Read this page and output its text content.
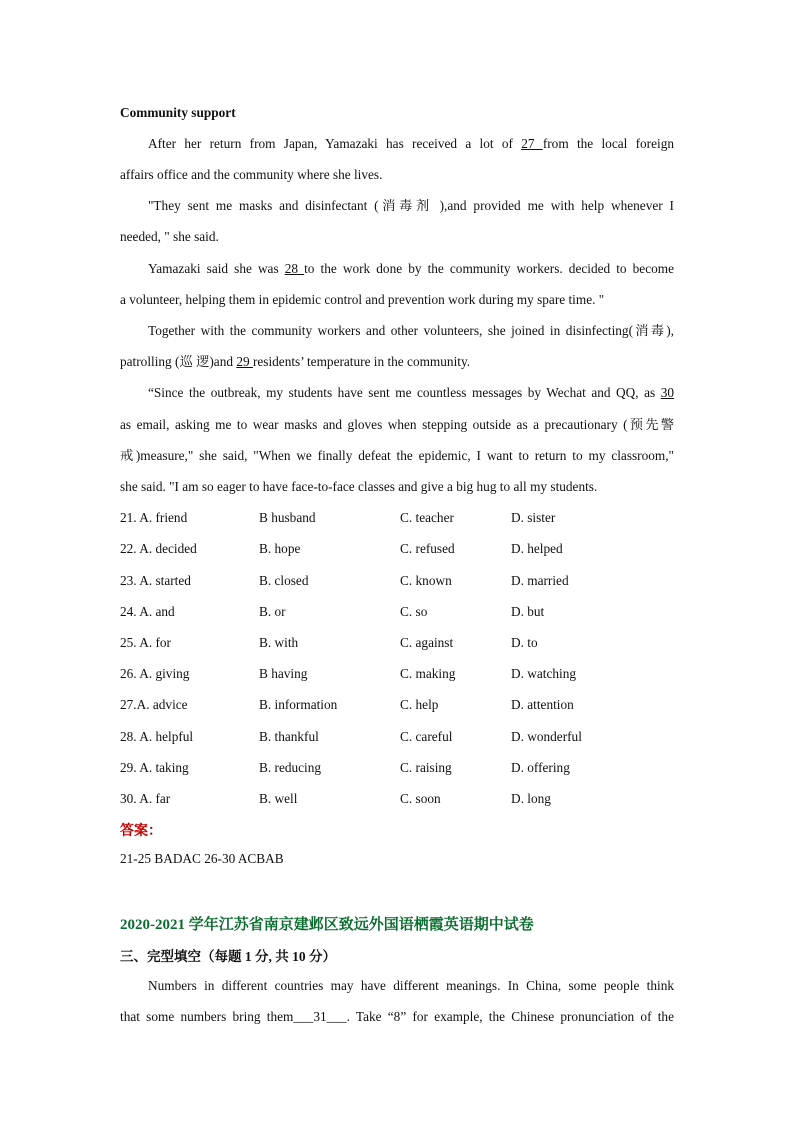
Community support
After her return from Japan, Yamazaki has received a lot of 27 from the local foreign
affairs office and the community where she lives.
"They sent me masks and disinfectant (消毒剂 ),and provided me with help whenever I
needed, " she said.
Yamazaki said she was 28 to the work done by the community workers. decided to become
a volunteer, helping them in epidemic control and prevention work during my spare time. "
Together with the community workers and other volunteers, she joined in disinfecting(消毒),
patrolling (巡 逻)and 29 residents’ temperature in the community.
“Since the outbreak, my students have sent me countless messages by Wechat and QQ, as 30
as email, asking me to wear masks and gloves when stepping outside as a precautionary (预先警
戒)measure," she said, "When we finally defeat the epidemic, I want to return to my classroom,"
she said. "I am so eager to have face-to-face classes and give a big hug to all my students.
21. A. friend	B husband	C. teacher	D. sister
22. A. decided	B. hope	C. refused	D. helped
23. A. started	B. closed	C. known	D. married
24. A. and	B. or	C. so	D. but
25. A. for	B. with	C. against	D. to
26. A. giving	B having	C. making	D. watching
27.A. advice	B. information	C. help	D. attention
28. A. helpful	B. thankful	C. careful	D. wonderful
29. A. taking	B. reducing	C. raising	D. offering
30. A. far	B. well	C. soon	D. long
答案：
21-25 BADAC 26-30 ACBAB
2020-2021 学年江苏省南京建邺区致远外国语栖霞英语期中试卷
三、完型填空（每题 1 分, 共 10 分）
Numbers in different countries may have different meanings. In China, some people think
that some numbers bring them___31___. Take “8” for example, the Chinese pronunciation of the
